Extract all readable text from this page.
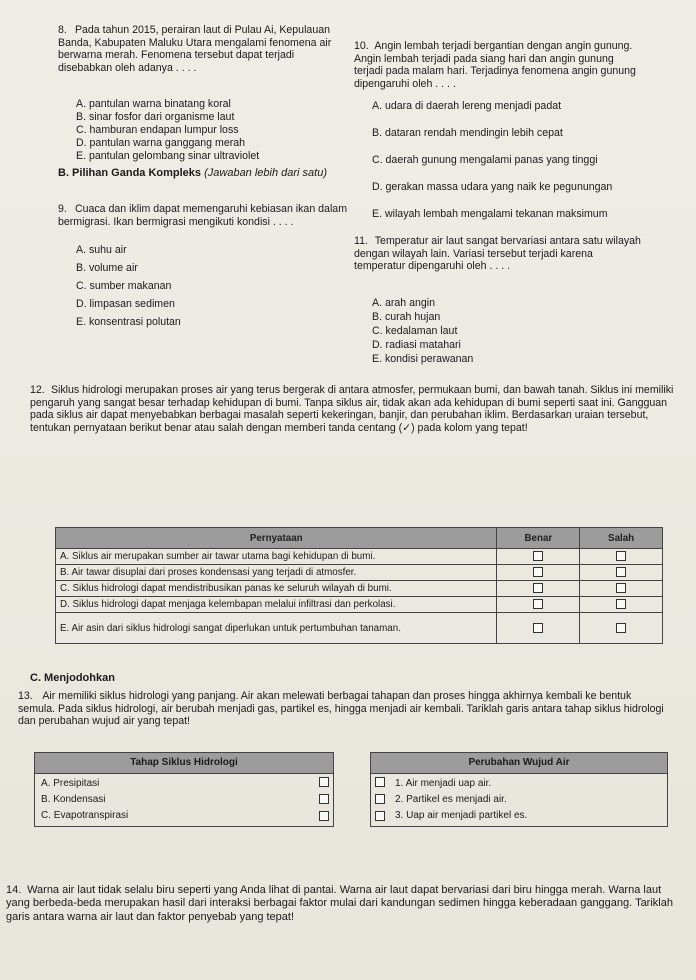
8. Pada tahun 2015, perairan laut di Pulau Ai, Kepulauan Banda, Kabupaten Maluku Utara mengalami fenomena air berwarna merah. Fenomena tersebut dapat terjadi disebabkan oleh adanya . . . .
A. pantulan warna binatang koral
B. sinar fosfor dari organisme laut
C. hamburan endapan lumpur loss
D. pantulan warna ganggang merah
E. pantulan gelombang sinar ultraviolet
B. Pilihan Ganda Kompleks (Jawaban lebih dari satu)
9. Cuaca dan iklim dapat memengaruhi kebiasan ikan dalam bermigrasi. Ikan bermigrasi mengikuti kondisi . . . .
A. suhu air
B. volume air
C. sumber makanan
D. limpasan sedimen
E. konsentrasi polutan
10. Angin lembah terjadi bergantian dengan angin gunung. Angin lembah terjadi pada siang hari dan angin gunung terjadi pada malam hari. Terjadinya fenomena angin gunung dipengaruhi oleh . . . .
A. udara di daerah lereng menjadi padat
B. dataran rendah mendingin lebih cepat
C. daerah gunung mengalami panas yang tinggi
D. gerakan massa udara yang naik ke pegunungan
E. wilayah lembah mengalami tekanan maksimum
11. Temperatur air laut sangat bervariasi antara satu wilayah dengan wilayah lain. Variasi tersebut terjadi karena temperatur dipengaruhi oleh . . . .
A. arah angin
B. curah hujan
C. kedalaman laut
D. radiasi matahari
E. kondisi perawanan
12. Siklus hidrologi merupakan proses air yang terus bergerak di antara atmosfer, permukaan bumi, dan bawah tanah. Siklus ini memiliki pengaruh yang sangat besar terhadap kehidupan di bumi. Tanpa siklus air, tidak akan ada kehidupan di bumi seperti saat ini. Gangguan pada siklus air dapat menyebabkan berbagai masalah seperti kekeringan, banjir, dan perubahan iklim. Berdasarkan uraian tersebut, tentukan pernyataan berikut benar atau salah dengan memberi tanda centang (✓) pada kolom yang tepat!
Pernyataan	Benar	Salah
A. Siklus air merupakan sumber air tawar utama bagi kehidupan di bumi.		
B. Air tawar disuplai dari proses kondensasi yang terjadi di atmosfer.		
C. Siklus hidrologi dapat mendistribusikan panas ke seluruh wilayah di bumi.		
D. Siklus hidrologi dapat menjaga kelembapan melalui infiltrasi dan perkolasi.		
E. Air asin dari siklus hidrologi sangat diperlukan untuk pertumbuhan tanaman.		
C. Menjodohkan
13. Air memiliki siklus hidrologi yang panjang. Air akan melewati berbagai tahapan dan proses hingga akhirnya kembali ke bentuk semula. Pada siklus hidrologi, air berubah menjadi gas, partikel es, hingga menjadi air kembali. Tariklah garis antara tahap siklus hidrologi dan perubahan wujud air yang tepat!
Tahap Siklus Hidrologi	
A. Presipitasi	
B. Kondensasi	
C. Evapotranspirasi	
Perubahan Wujud Air	
	1. Air menjadi uap air.
	2. Partikel es menjadi air.
	3. Uap air menjadi partikel es.
14. Warna air laut tidak selalu biru seperti yang Anda lihat di pantai. Warna air laut dapat bervariasi dari biru hingga merah. Warna laut yang berbeda-beda merupakan hasil dari interaksi berbagai faktor mulai dari kandungan sedimen hingga keberadaan ganggang. Tariklah garis antara warna air laut dan faktor penyebab yang tepat!
